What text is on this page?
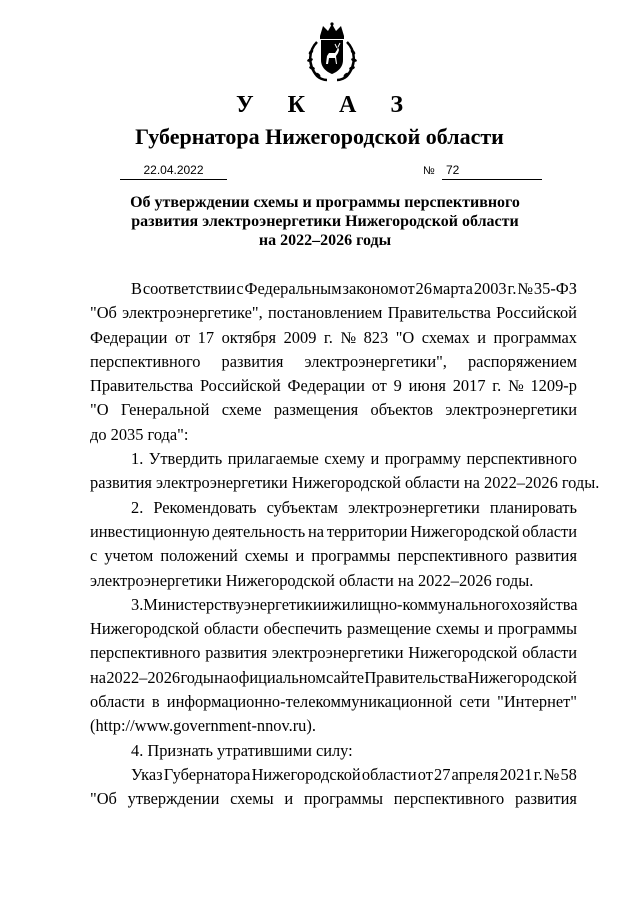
У К А З
Губернатора Нижегородской области
22.04.2022	№ 72
Об утверждении схемы и программы перспективного
развития электроэнергетики Нижегородской области
на 2022–2026 годы
В соответствии с Федеральным законом от 26 марта 2003 г. № 35-ФЗ
"Об электроэнергетике", постановлением Правительства Российской
Федерации от 17 октября 2009 г. № 823 "О схемах и программах
перспективного развития электроэнергетики", распоряжением
Правительства Российской Федерации от 9 июня 2017 г. № 1209-р
"О Генеральной схеме размещения объектов электроэнергетики
до 2035 года":
1. Утвердить прилагаемые схему и программу перспективного
развития электроэнергетики Нижегородской области на 2022–2026 годы.
2. Рекомендовать субъектам электроэнергетики планировать
инвестиционную деятельность на территории Нижегородской области
с учетом положений схемы и программы перспективного развития
электроэнергетики Нижегородской области на 2022–2026 годы.
3. Министерству энергетики и жилищно-коммунального хозяйства
Нижегородской области обеспечить размещение схемы и программы
перспективного развития электроэнергетики Нижегородской области
на 2022–2026 годы на официальном сайте Правительства Нижегородской
области в информационно-телекоммуникационной сети "Интернет"
(http://www.government-nnov.ru).
4. Признать утратившими силу:
Указ Губернатора Нижегородской области от 27 апреля 2021 г. № 58
"Об утверждении схемы и программы перспективного развития
